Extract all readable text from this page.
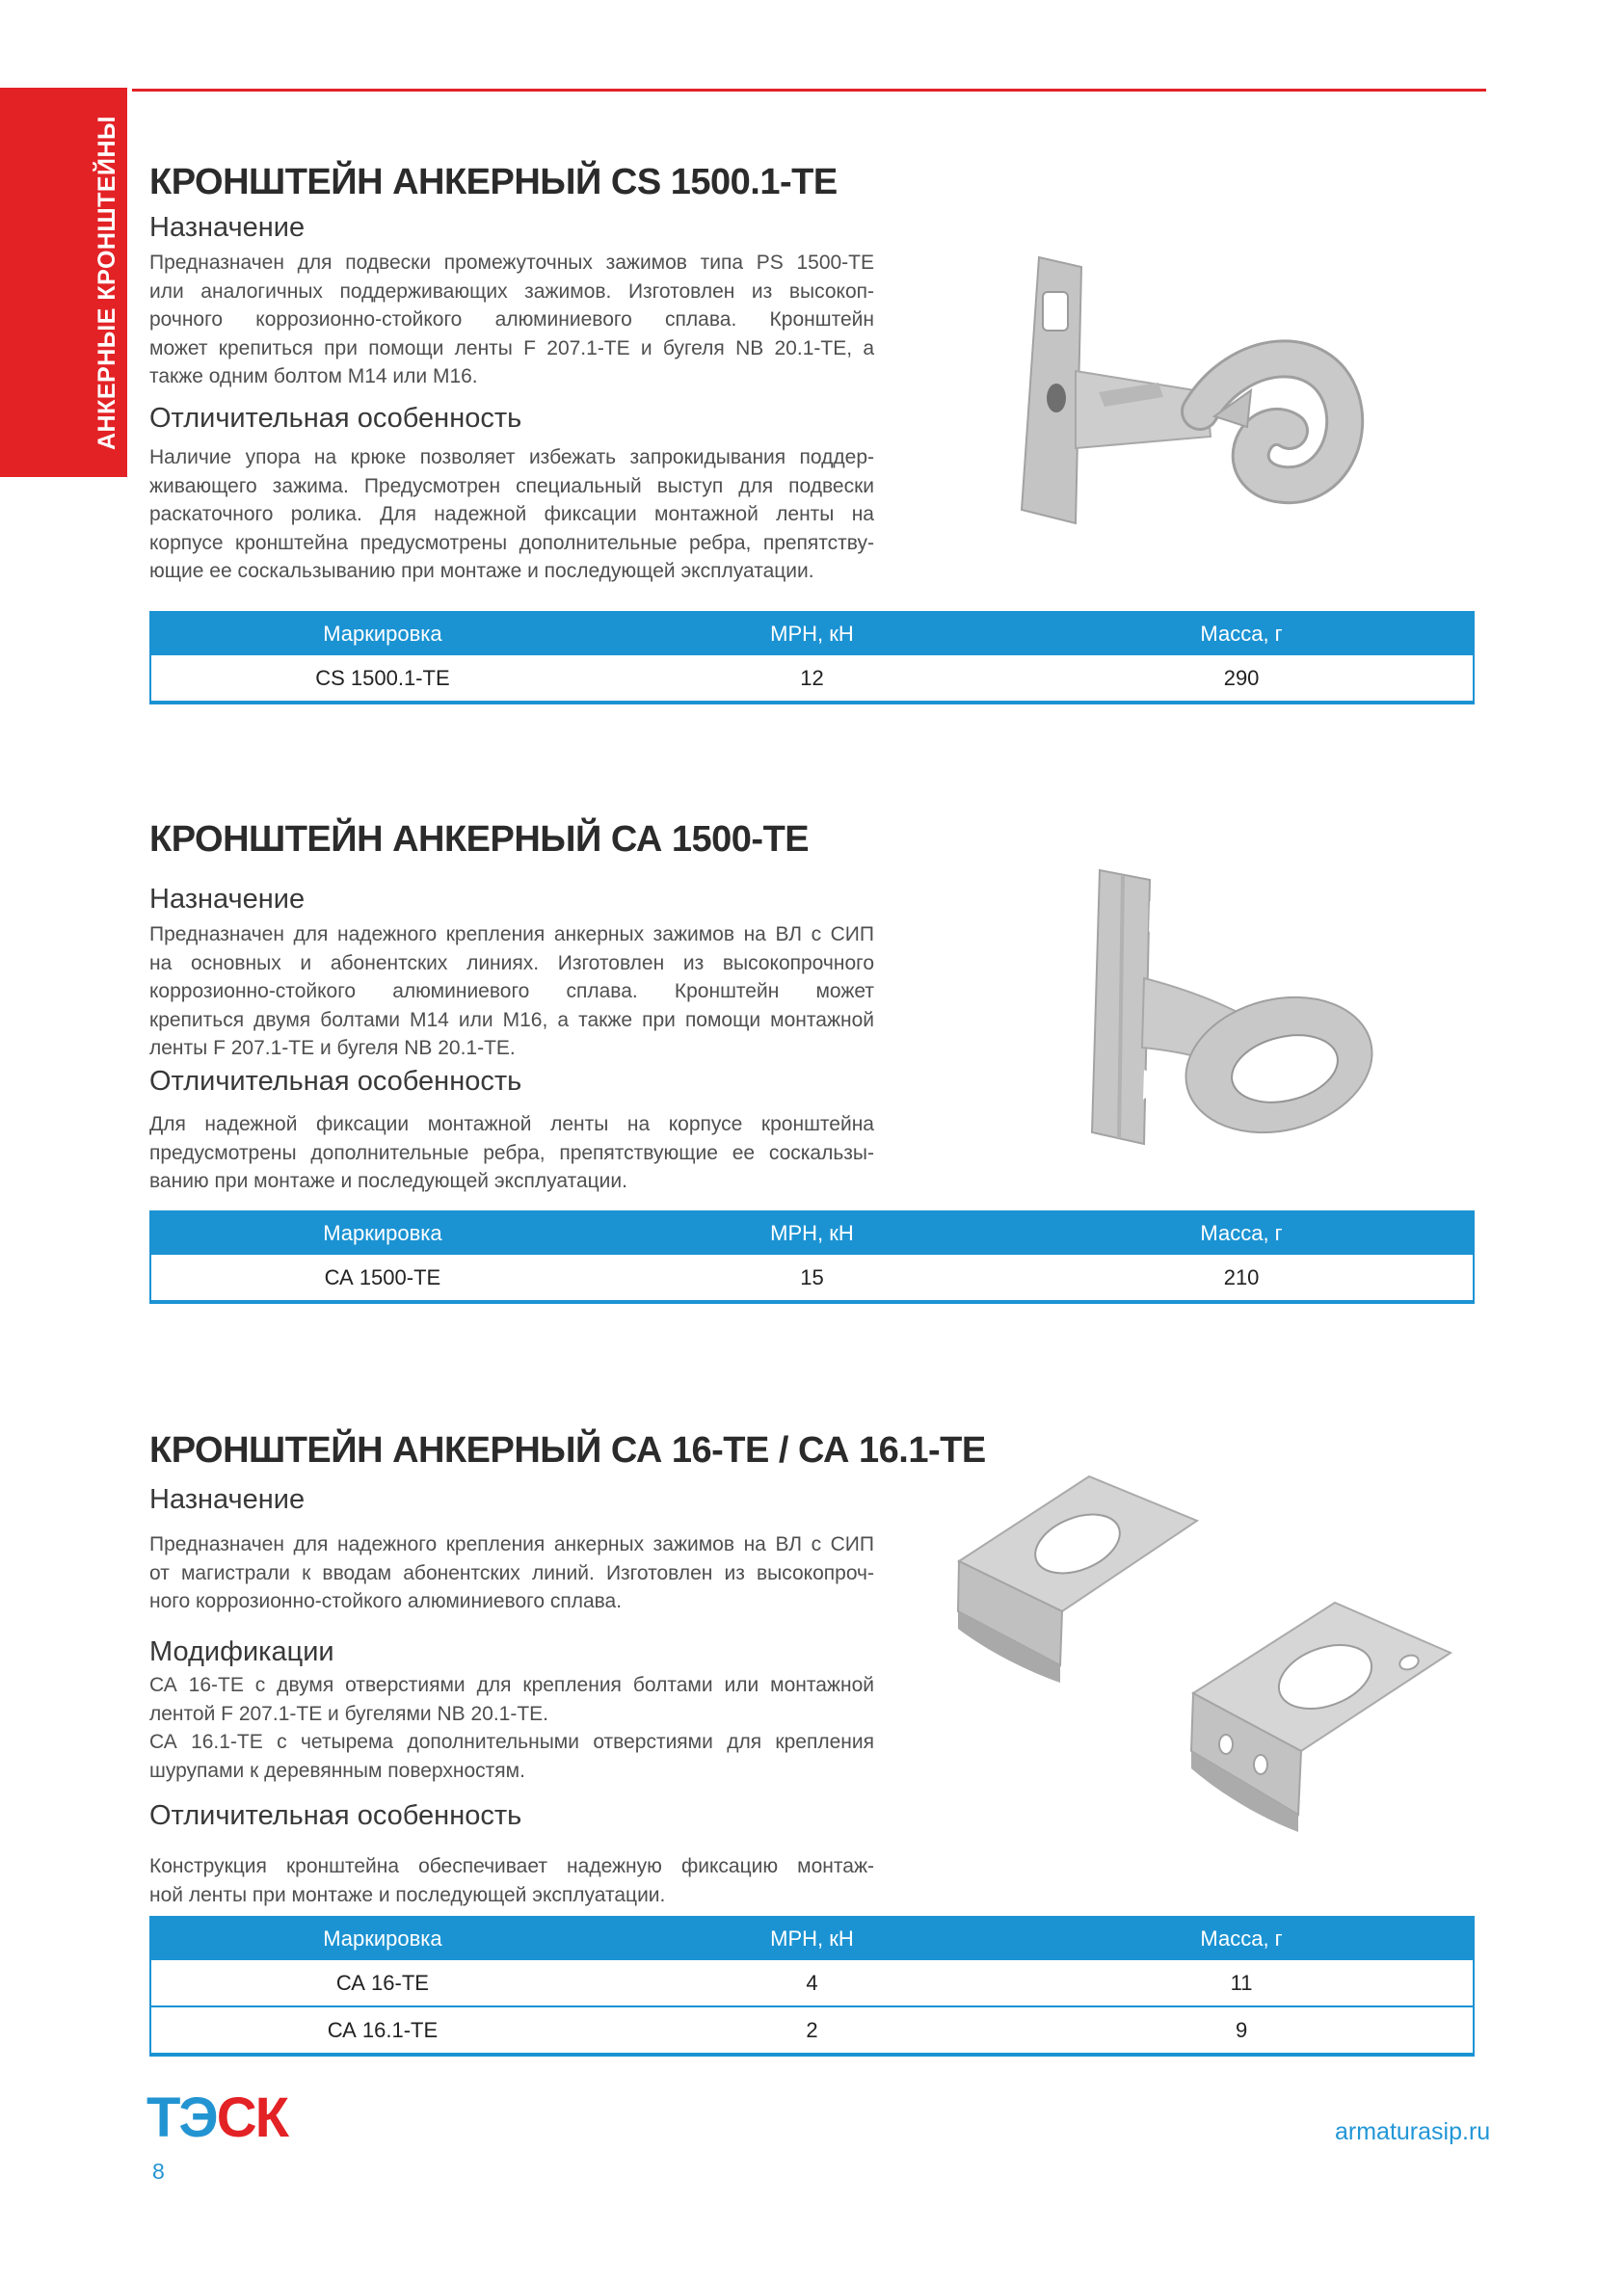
АНКЕРНЫЕ КРОНШТЕЙНЫ КРОНШТЕЙН АНКЕРНЫЙ CS 1500.1-ТЕ
Назначение
Предназначен для подвески промежуточных зажимов типа PS 1500-ТЕ
или аналогичных поддерживающих зажимов. Изготовлен из высокоп-
рочного коррозионно-стойкого алюминиевого сплава. Кронштейн
может крепиться при помощи ленты F 207.1-ТЕ и бугеля NB 20.1-ТЕ, а
также одним болтом М14 или М16.
Отличительная особенность
Наличие упора на крюке позволяет избежать запрокидывания поддер-
живающего зажима. Предусмотрен специальный выступ для подвески
раскаточного ролика. Для надежной фиксации монтажной ленты на
корпусе кронштейна предусмотрены дополнительные ребра, препятству-
ющие ее соскальзыванию при монтаже и последующей эксплуатации.
Маркировка	МРН, кН	Масса, г
CS 1500.1-ТЕ	12	290
КРОНШТЕЙН АНКЕРНЫЙ СА 1500-ТЕ
Назначение
Предназначен для надежного крепления анкерных зажимов на ВЛ с СИП
на основных и абонентских линиях. Изготовлен из высокопрочного
коррозионно-стойкого алюминиевого сплава. Кронштейн может
крепиться двумя болтами М14 или М16, а также при помощи монтажной
ленты F 207.1-ТЕ и бугеля NB 20.1-ТЕ.
Отличительная особенность
Для надежной фиксации монтажной ленты на корпусе кронштейна
предусмотрены дополнительные ребра, препятствующие ее соскальзы-
ванию при монтаже и последующей эксплуатации.
Маркировка	МРН, кН	Масса, г
СА 1500-ТЕ	15	210
КРОНШТЕЙН АНКЕРНЫЙ СА 16-ТЕ / СА 16.1-ТЕ
Назначение
Предназначен для надежного крепления анкерных зажимов на ВЛ с СИП
от магистрали к вводам абонентских линий. Изготовлен из высокопроч-
ного коррозионно-стойкого алюминиевого сплава.
Модификации
СА 16-ТЕ с двумя отверстиями для крепления болтами или монтажной
лентой F 207.1-ТЕ и бугелями NB 20.1-ТЕ.
СА 16.1-ТЕ с четырема дополнительными отверстиями для крепления
шурупами к деревянным поверхностям.
Отличительная особенность
Конструкция кронштейна обеспечивает надежную фиксацию монтаж-
ной ленты при монтаже и последующей эксплуатации.
Маркировка	МРН, кН	Масса, г
СА 16-ТЕ	4	11
СА 16.1-ТЕ	2	9
ТЭСК
8
armaturasip.ru
